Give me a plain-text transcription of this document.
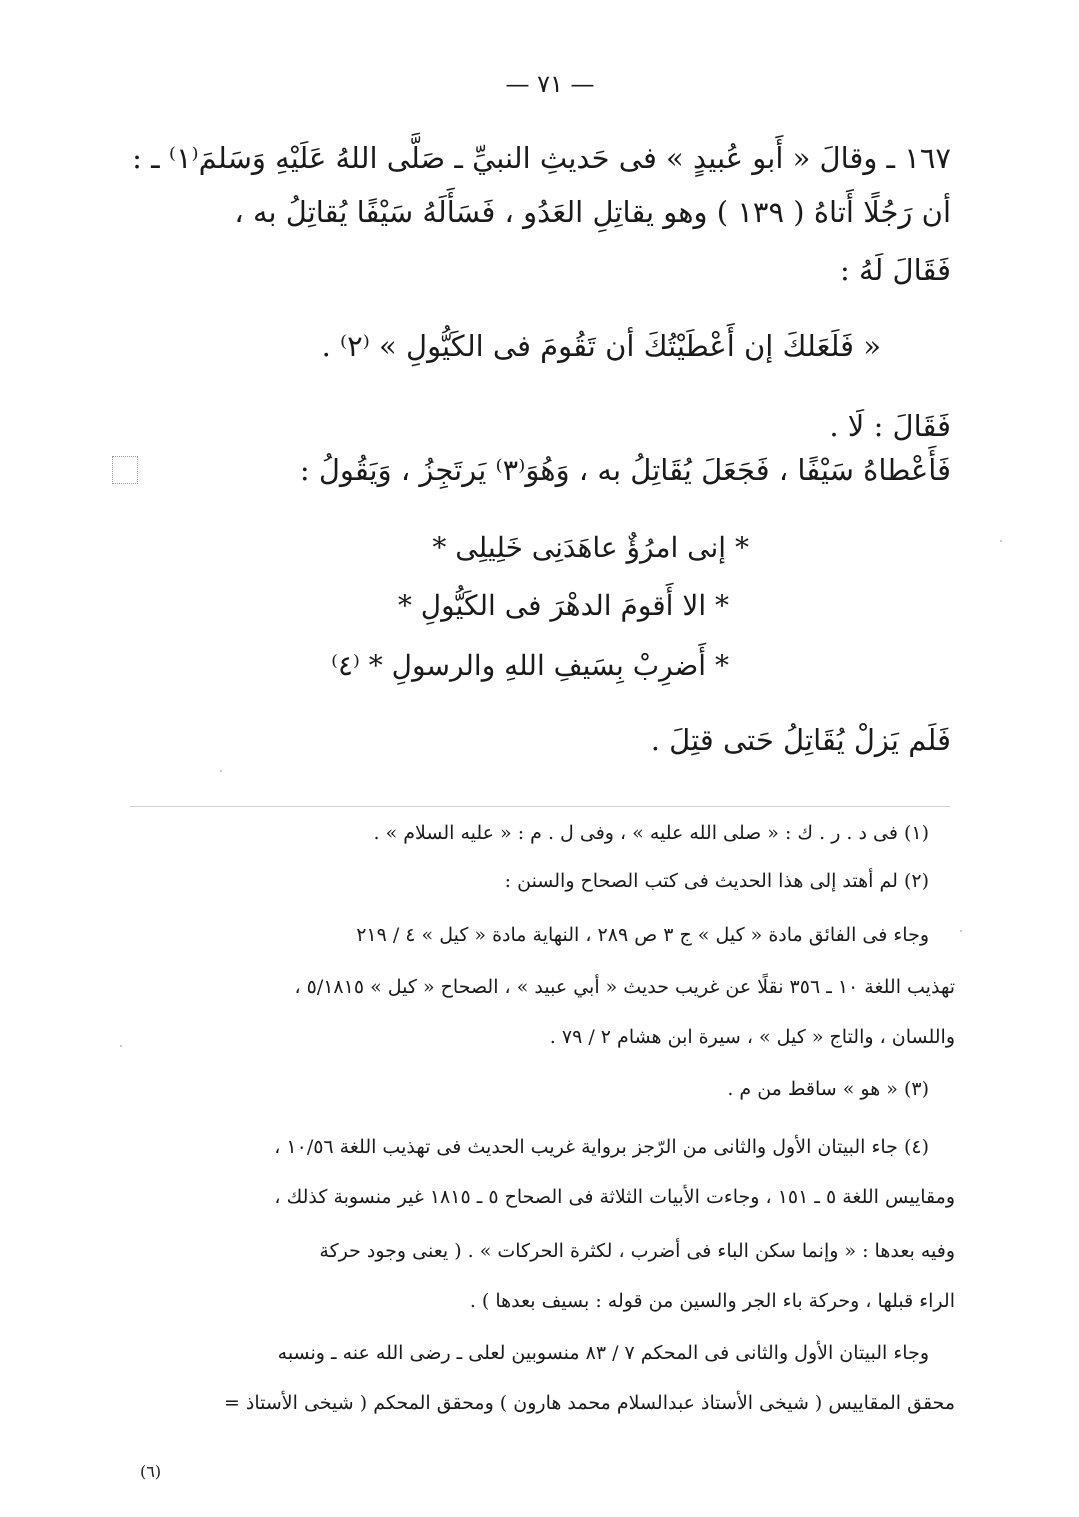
— ٧١ —
١٦٧ ـ وقالَ « أَبو عُبيدٍ » فى حَديثِ النبيِّ ـ صَلَّى اللهُ عَلَيْهِ وَسَلمَ⁽١⁾ ـ :
أن رَجُلًا أَتاهُ ( ١٣٩ ) وهو يقاتِلِ العَدُو ، فَسَأَلَهُ سَيْفًا يُقاتِلُ به ،
فَقَالَ لَهُ :
« فَلَعَلكَ إن أَعْطَيْتُكَ أن تَقُومَ فى الكَيُّولِ » ⁽٢⁾ .
فَقَالَ : لَا .
فَأَعْطاهُ سَيْفًا ، فَجَعَلَ يُقَاتِلُ به ، وَهُوَ⁽٣⁾ يَرتَجِزُ ، وَيَقُولُ :
* إنى امرُؤٌ عاهَدَنِى خَلِيلِى *
* الا أَقومَ الدهْرَ فى الكَيُّولِ *
* أَضرِبْ بِسَيفِ اللهِ والرسولِ * ⁽٤⁾
فَلَم يَزلْ يُقَاتِلُ حَتى قتِلَ .
(١) فى د . ر . ك : « صلى الله عليه » ، وفى ل . م : « عليه السلام » .
(٢) لم أهتد إلى هذا الحديث فى كتب الصحاح والسنن :
وجاء فى الفائق مادة « كيل » ج ٣ ص ٢٨٩ ، النهاية مادة « كيل » ٤ / ٢١٩
تهذيب اللغة ١٠ ـ ٣٥٦ نقلًا عن غريب حديث « أبي عبيد » ، الصحاح « كيل » ٥/١٨١٥ ،
واللسان ، والتاج « كيل » ، سيرة ابن هشام ٢ / ٧٩ .
(٣) « هو » ساقط من م .
(٤) جاء البيتان الأول والثانى من الرّجز برواية غريب الحديث فى تهذيب اللغة ١٠/٥٦ ،
ومقاييس اللغة ٥ ـ ١٥١ ، وجاءت الأبيات الثلاثة فى الصحاح ٥ ـ ١٨١٥ غير منسوبة كذلك ،
وفيه بعدها : « وإنما سكن الباء فى أضرب ، لكثرة الحركات » . ( يعنى وجود حركة
الراء قبلها ، وحركة باء الجر والسين من قوله : بسيف بعدها ) .
وجاء البيتان الأول والثانى فى المحكم ٧ / ٨٣ منسوبين لعلى ـ رضى الله عنه ـ ونسبه
محقق المقاييس ( شيخى الأستاذ عبدالسلام محمد هارون ) ومحقق المحكم ( شيخى الأستاذ =
(٦)
